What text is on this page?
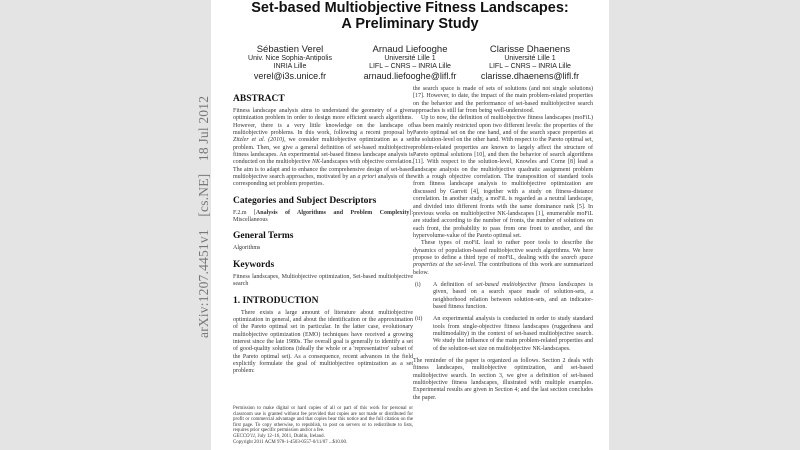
arXiv:1207.4451v1 [cs.NE] 18 Jul 2012
Set-based Multiobjective Fitness Landscapes:
A Preliminary Study
Sébastien Verel
Univ. Nice Sophia-Antipolis
INRIA Lille
verel@i3s.unice.fr
Arnaud Liefooghe
Université Lille 1
LIFL – CNRS – INRIA Lille
arnaud.liefooghe@lifl.fr
Clarisse Dhaenens
Université Lille 1
LIFL – CNRS – INRIA Lille
clarisse.dhaenens@lifl.fr
ABSTRACT

Fitness landscape analysis aims to understand the geometry of a given optimization problem in order to design more efficient search algorithms. However, there is a very little knowledge on the landscape of multiobjective problems. In this work, following a recent proposal by Zitzler et al. (2010), we consider multiobjective optimization as a set problem. Then, we give a general definition of set-based multiobjective fitness landscapes. An experimental set-based fitness landscape analysis is conducted on the multiobjective NK-landscapes with objective correlation. The aim is to adapt and to enhance the comprehensive design of set-based multiobjective search approaches, motivated by an a priori analysis of the corresponding set problem properties.

Categories and Subject Descriptors

F.2.m [Analysis of Algorithms and Problem Complexity]: Miscellaneous

General Terms

Algorithms

Keywords

Fitness landscapes, Multiobjective optimization, Set-based multiobjective search

1. INTRODUCTION

There exists a large amount of literature about multiobjective optimization in general, and about the identification or the approximation of the Pareto optimal set in particular. In the latter case, evolutionary multiobjective optimization (EMO) techniques have received a growing interest since the late 1980s. The overall goal is generally to identify a set of good-quality solutions (ideally the whole or a 'representative' subset of the Pareto optimal set). As a consequence, recent advances in the field explicitly formulate the goal of multiobjective optimization as a set problem:

Permission to make digital or hard copies of all or part of this work for personal or classroom use is granted without fee provided that copies are not made or distributed for profit or commercial advantage and that copies bear this notice and the full citation on the first page. To copy otherwise, to republish, to post on servers or to redistribute to lists, requires prior specific permission and/or a fee.

GECCO'11, July 12–16, 2011, Dublin, Ireland.

Copyright 2011 ACM 978-1-4503-0557-0/11/07 ...$10.00.

the search space is made of sets of solutions (and not single solutions) [17]. However, to date, the impact of the main problem-related properties on the behavior and the performance of set-based multiobjective search approaches is still far from being well-understood.

Up to now, the definition of multiobjective fitness landscapes (moFiL) has been mainly restricted upon two different levels: the properties of the Pareto optimal set on the one hand, and of the search space properties at the solution-level on the other hand. With respect to the Pareto optimal set, problem-related properties are known to largely affect the structure of Pareto optimal solutions [10], and then the behavior of search algorithms [11]. With respect to the solution-level, Knowles and Corne [8] lead a landscape analysis on the multiobjective quadratic assignment problem with a rough objective correlation. The transposition of standard tools from fitness landscape analysis to multiobjective optimization are discussed by Garrett [4], together with a study on fitness-distance correlation. In another study, a moFiL is regarded as a neutral landscape, and divided into different fronts with the same dominance rank [5]. In previous works on multiobjective NK-landscapes [1], enumerable moFiL are studied according to the number of fronts, the number of solutions on each front, the probability to pass from one front to another, and the hypervolume-value of the Pareto optimal set.

These types of moFiL lead to rather poor tools to describe the dynamics of population-based multiobjective search algorithms. We here propose to define a third type of moFiL, dealing with the search space properties at the set-level. The contributions of this work are summarized below.

(i)	A definition of set-based multiobjective fitness landscapes is given, based on a search space made of solution-sets, a neighborhood relation between solution-sets, and an indicator-based fitness function.
(ii)	An experimental analysis is conducted in order to study standard tools from single-objective fitness landscapes (ruggedness and multimodality) in the context of set-based multiobjective search. We study the influence of the main problem-related properties and of the solution-set size on multiobjective NK-landscapes.

The reminder of the paper is organized as follows. Section 2 deals with fitness landscapes, multiobjective optimization, and set-based multiobjective search. In section 3, we give a definition of set-based multiobjective fitness landscapes, illustrated with multiple examples. Experimental results are given in Section 4; and the last section concludes the paper.
